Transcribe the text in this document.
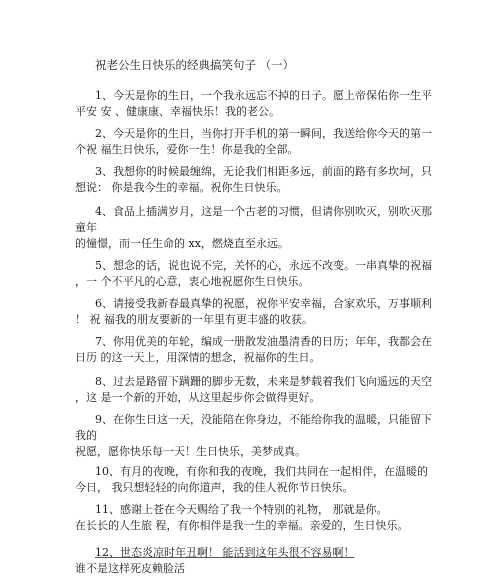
祝老公生日快乐的经典搞笑句子 （一）
1、今天是你的生日，一个我永远忘不掉的日子。愿上帝保佑你一生平
平安 安 、健康康、幸福快乐！我的老公。
2、今天是你的生日，当你打开手机的第一瞬间，我送给你今天的第一
个祝 福生日快乐，爱你一生！你是我的全部。
3、我想你的时候最缠绵，无论我们相距多远，前面的路有多坎坷，只
想说： 你是我今生的幸福。祝你生日快乐。
4、食品上插满岁月，这是一个古老的习惯，但请你别吹灭，别吹灭那
童年
的憧憬，而一任生命的 xx，燃烧直至永远。
5、想念的话，说也说不完，关怀的心，永远不改变。一串真挚的祝福
，一 个不平凡的心意，衷心地祝愿你生日快乐。
6、请接受我新春最真挚的祝愿，祝你平安幸福，合家欢乐，万事顺利
！ 祝 福我的朋友要新的一年里有更丰盛的收获。
7、你用优美的年轮，编成一册散发油墨清香的日历；年年，我都会在
日历 的这一天上，用深情的想念，祝福你的生日。
8、过去是路留下蹒跚的脚步无数，未来是梦载着我们飞向遥远的天空
，这 是一个新的开始，从这里起步你会做得更好。
9、在你生日这一天，没能陪在你身边，不能给你我的温暖，只能留下
我的
祝愿，愿你快乐每一天！生日快乐，美梦成真。
10、有月的夜晚，有你和我的夜晚，我们共同在一起相伴，在温暖的
今日， 我只想轻轻的向你道声，我的佳人祝你节日快乐。
11、感谢上苍在今天赐给了我一个特别的礼物， 那就是你。
在长长的人生旅 程，有你相伴是我一生的幸福。亲爱的，生日快乐。
12、世态炎凉时年丑啊！ 能活到这年头很不容易啊！
谁不是这样死皮赖脸活
